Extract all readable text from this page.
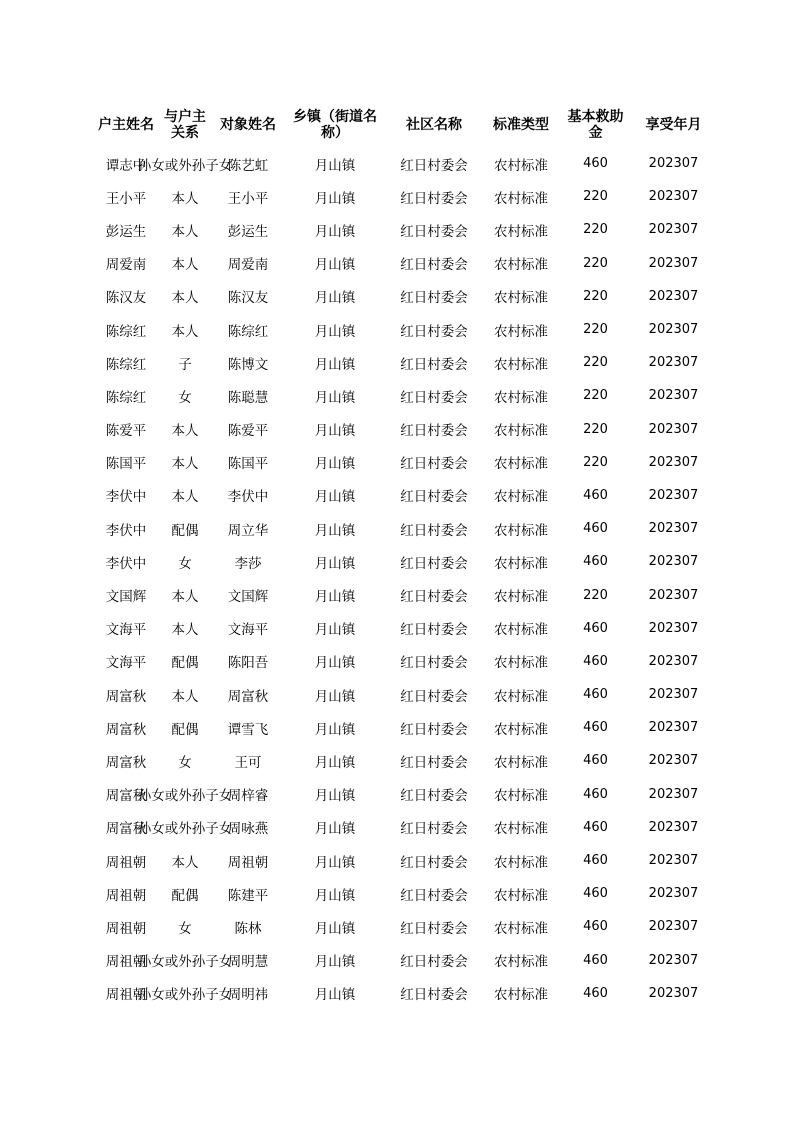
户主姓名	与户主关系	对象姓名	乡镇（街道名称）	社区名称	标准类型	基本救助金	享受年月
谭志中	孙女或外孙子女	陈艺虹	月山镇	红日村委会	农村标准	460	202307
王小平	本人	王小平	月山镇	红日村委会	农村标准	220	202307
彭运生	本人	彭运生	月山镇	红日村委会	农村标准	220	202307
周爱南	本人	周爱南	月山镇	红日村委会	农村标准	220	202307
陈汉友	本人	陈汉友	月山镇	红日村委会	农村标准	220	202307
陈综红	本人	陈综红	月山镇	红日村委会	农村标准	220	202307
陈综红	子	陈博文	月山镇	红日村委会	农村标准	220	202307
陈综红	女	陈聪慧	月山镇	红日村委会	农村标准	220	202307
陈爱平	本人	陈爱平	月山镇	红日村委会	农村标准	220	202307
陈国平	本人	陈国平	月山镇	红日村委会	农村标准	220	202307
李伏中	本人	李伏中	月山镇	红日村委会	农村标准	460	202307
李伏中	配偶	周立华	月山镇	红日村委会	农村标准	460	202307
李伏中	女	李莎	月山镇	红日村委会	农村标准	460	202307
文国辉	本人	文国辉	月山镇	红日村委会	农村标准	220	202307
文海平	本人	文海平	月山镇	红日村委会	农村标准	460	202307
文海平	配偶	陈阳吾	月山镇	红日村委会	农村标准	460	202307
周富秋	本人	周富秋	月山镇	红日村委会	农村标准	460	202307
周富秋	配偶	谭雪飞	月山镇	红日村委会	农村标准	460	202307
周富秋	女	王可	月山镇	红日村委会	农村标准	460	202307
周富秋	孙女或外孙子女	周梓睿	月山镇	红日村委会	农村标准	460	202307
周富秋	孙女或外孙子女	周咏燕	月山镇	红日村委会	农村标准	460	202307
周祖朝	本人	周祖朝	月山镇	红日村委会	农村标准	460	202307
周祖朝	配偶	陈建平	月山镇	红日村委会	农村标准	460	202307
周祖朝	女	陈林	月山镇	红日村委会	农村标准	460	202307
周祖朝	孙女或外孙子女	周明慧	月山镇	红日村委会	农村标准	460	202307
周祖朝	孙女或外孙子女	周明祎	月山镇	红日村委会	农村标准	460	202307
